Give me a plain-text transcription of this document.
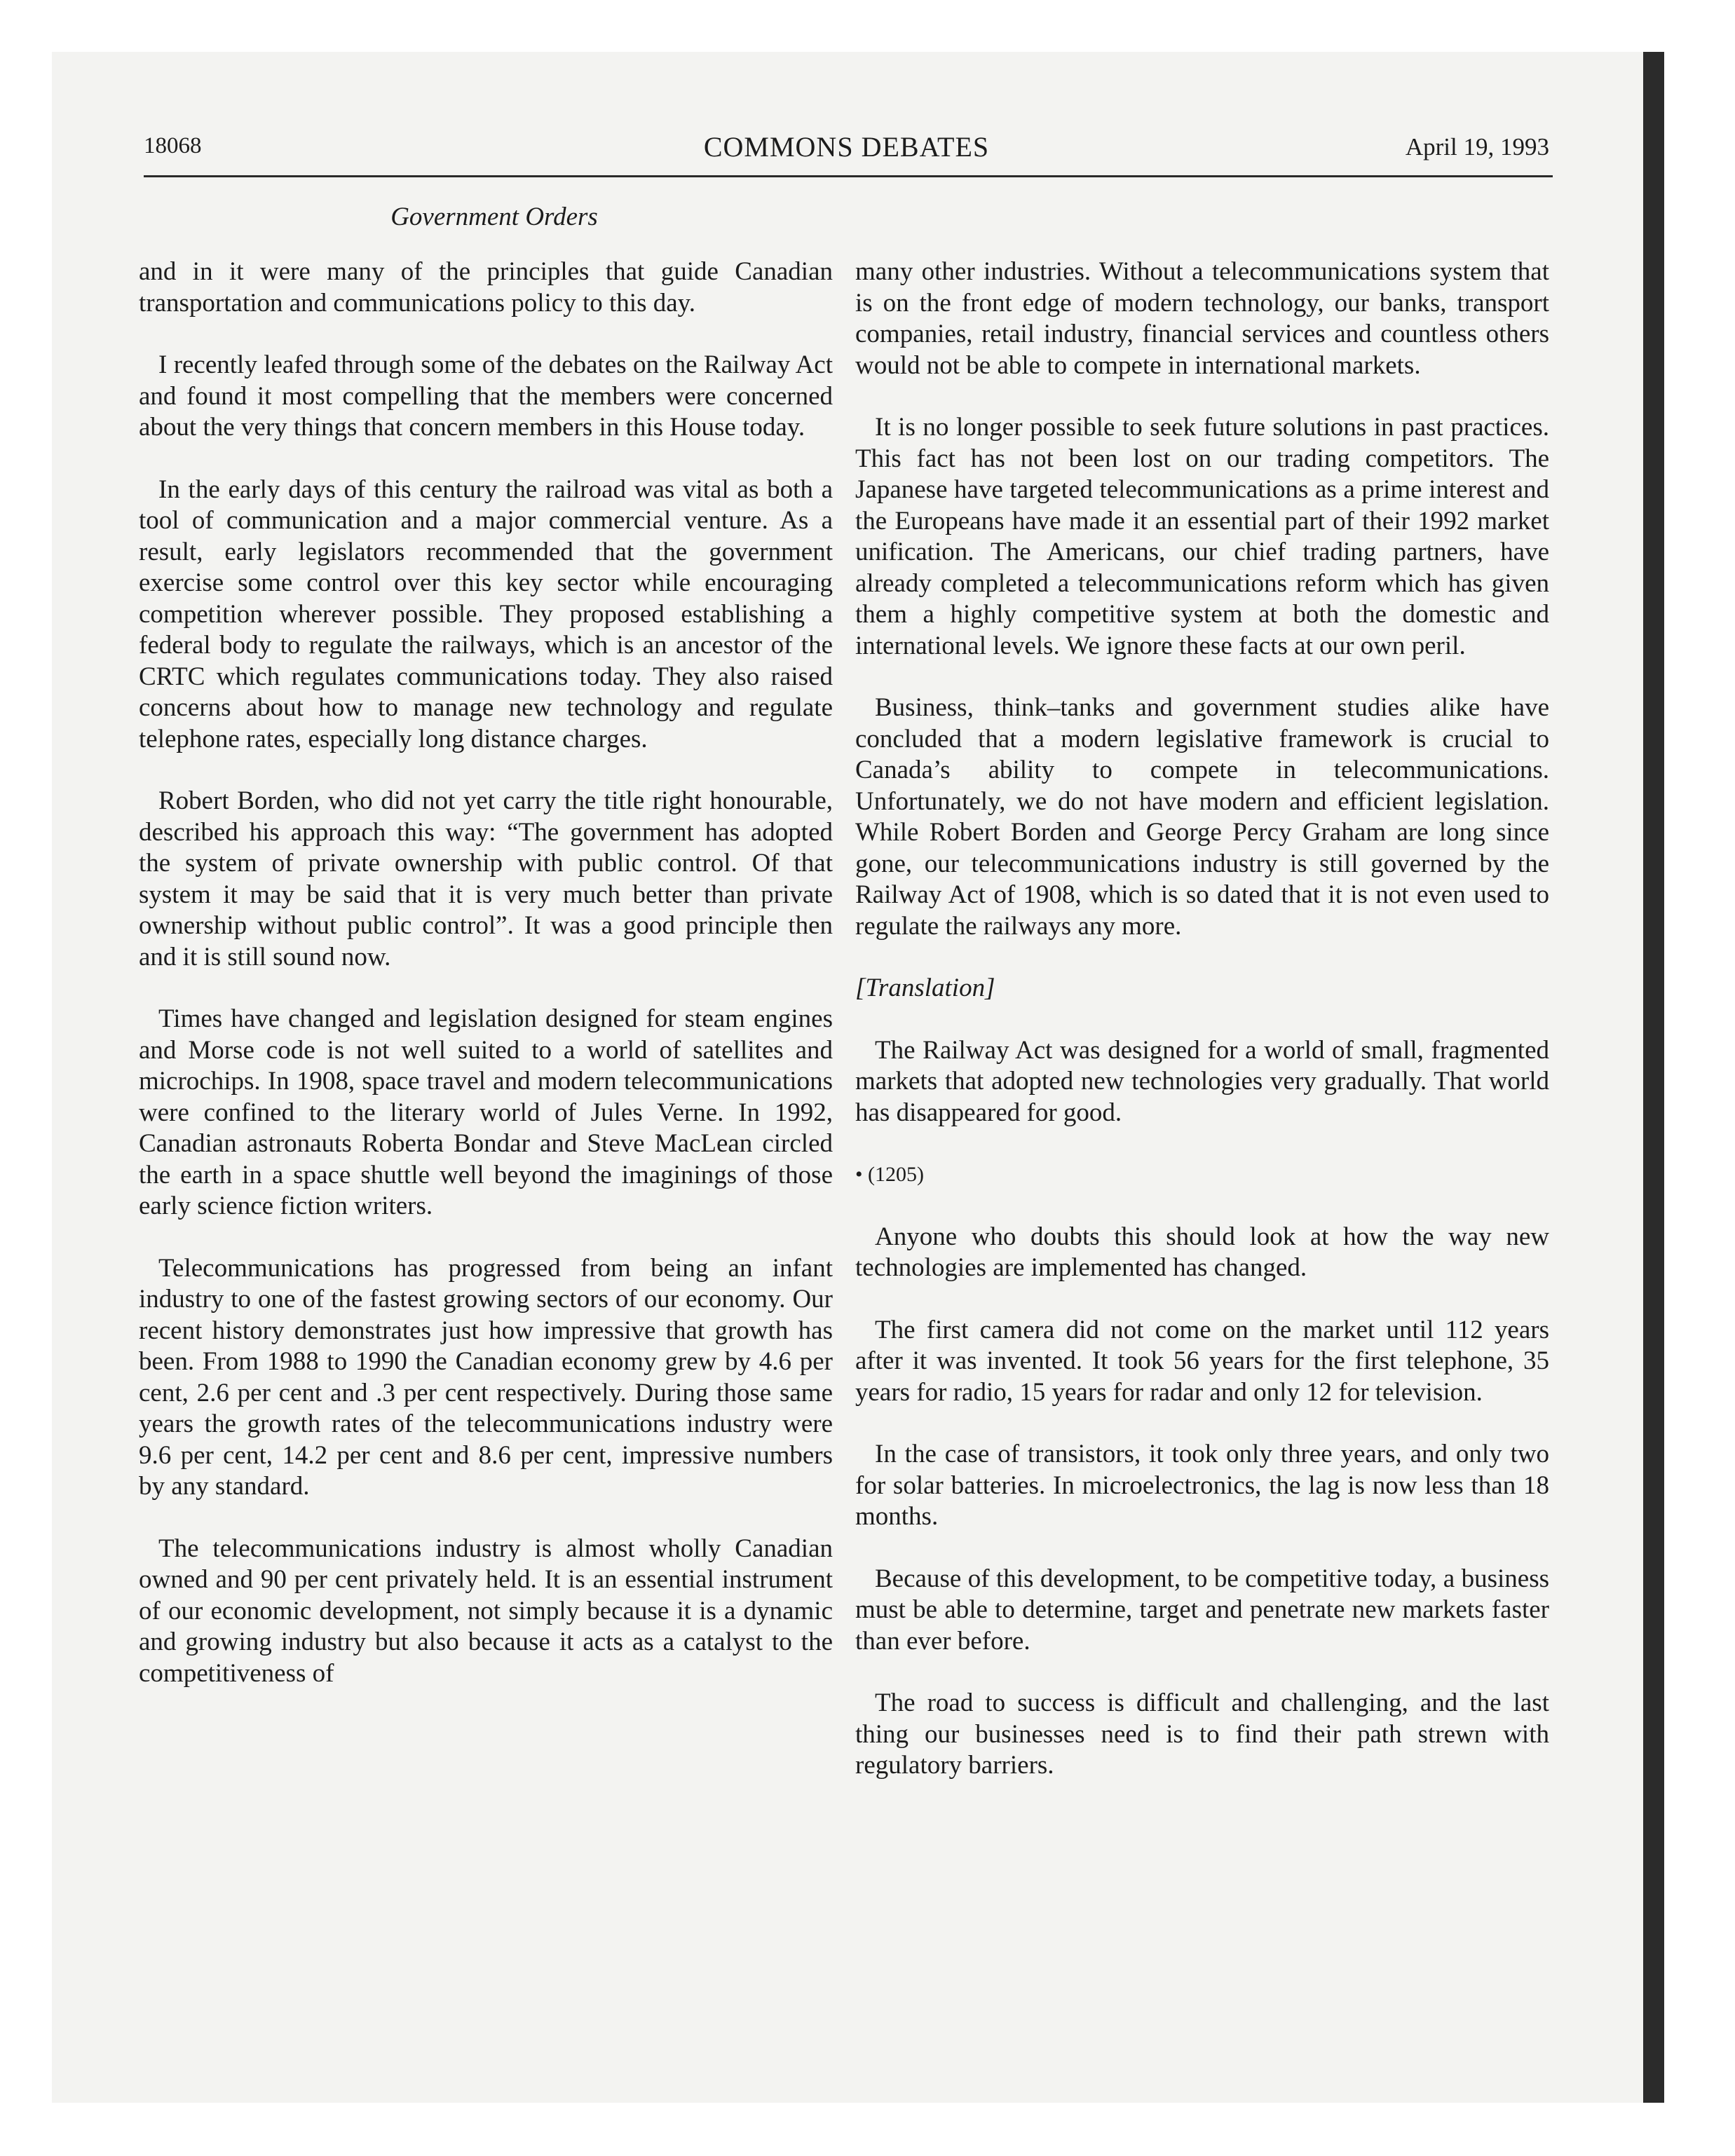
18068	COMMONS DEBATES	April 19, 1993
Government Orders

and in it were many of the principles that guide Canadian transportation and communications policy to this day.

I recently leafed through some of the debates on the Railway Act and found it most compelling that the members were concerned about the very things that concern members in this House today.

In the early days of this century the railroad was vital as both a tool of communication and a major commercial venture. As a result, early legislators recommended that the government exercise some control over this key sector while encouraging competition wherever possible. They proposed establishing a federal body to regulate the railways, which is an ancestor of the CRTC which regulates communications today. They also raised concerns about how to manage new technology and regulate telephone rates, especially long distance charges.

Robert Borden, who did not yet carry the title right honourable, described his approach this way: “The government has adopted the system of private ownership with public control. Of that system it may be said that it is very much better than private ownership without public control”. It was a good principle then and it is still sound now.

Times have changed and legislation designed for steam engines and Morse code is not well suited to a world of satellites and microchips. In 1908, space travel and modern telecommunications were confined to the literary world of Jules Verne. In 1992, Canadian astronauts Roberta Bondar and Steve MacLean circled the earth in a space shuttle well beyond the imaginings of those early science fiction writers.

Telecommunications has progressed from being an infant industry to one of the fastest growing sectors of our economy. Our recent history demonstrates just how impressive that growth has been. From 1988 to 1990 the Canadian economy grew by 4.6 per cent, 2.6 per cent and .3 per cent respectively. During those same years the growth rates of the telecommunications industry were 9.6 per cent, 14.2 per cent and 8.6 per cent, impressive numbers by any standard.

The telecommunications industry is almost wholly Canadian owned and 90 per cent privately held. It is an essential instrument of our economic development, not simply because it is a dynamic and growing industry but also because it acts as a catalyst to the competitiveness of

many other industries. Without a telecommunications system that is on the front edge of modern technology, our banks, transport companies, retail industry, financial services and countless others would not be able to compete in international markets.

It is no longer possible to seek future solutions in past practices. This fact has not been lost on our trading competitors. The Japanese have targeted telecommunications as a prime interest and the Europeans have made it an essential part of their 1992 market unification. The Americans, our chief trading partners, have already completed a telecommunications reform which has given them a highly competitive system at both the domestic and international levels. We ignore these facts at our own peril.

Business, think–tanks and government studies alike have concluded that a modern legislative framework is crucial to Canada’s ability to compete in telecommunications. Unfortunately, we do not have modern and efficient legislation. While Robert Borden and George Percy Graham are long since gone, our telecommunications industry is still governed by the Railway Act of 1908, which is so dated that it is not even used to regulate the railways any more.

[Translation]

The Railway Act was designed for a world of small, fragmented markets that adopted new technologies very gradually. That world has disappeared for good.

• (1205)

Anyone who doubts this should look at how the way new technologies are implemented has changed.

The first camera did not come on the market until 112 years after it was invented. It took 56 years for the first telephone, 35 years for radio, 15 years for radar and only 12 for television.

In the case of transistors, it took only three years, and only two for solar batteries. In microelectronics, the lag is now less than 18 months.

Because of this development, to be competitive today, a business must be able to determine, target and penetrate new markets faster than ever before.

The road to success is difficult and challenging, and the last thing our businesses need is to find their path strewn with regulatory barriers.
